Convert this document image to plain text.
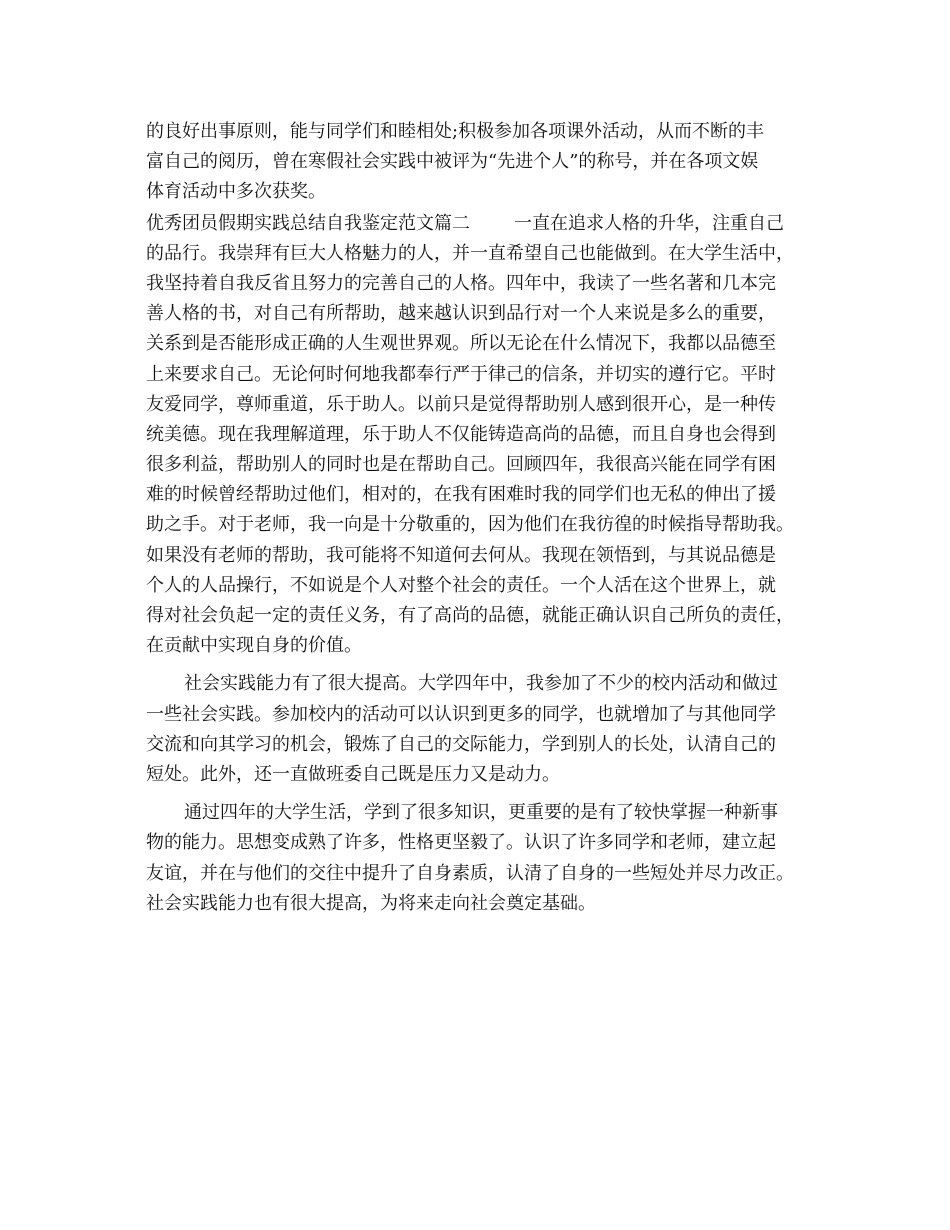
的良好出事原则，能与同学们和睦相处;积极参加各项课外活动，从而不断的丰
富自己的阅历，曾在寒假社会实践中被评为“先进个人”的称号，并在各项文娱
体育活动中多次获奖。
优秀团员假期实践总结自我鉴定范文篇二 一直在追求人格的升华，注重自己
的品行。我崇拜有巨大人格魅力的人，并一直希望自己也能做到。在大学生活中，
我坚持着自我反省且努力的完善自己的人格。四年中，我读了一些名著和几本完
善人格的书，对自己有所帮助，越来越认识到品行对一个人来说是多么的重要，
关系到是否能形成正确的人生观世界观。所以无论在什么情况下，我都以品德至
上来要求自己。无论何时何地我都奉行严于律己的信条，并切实的遵行它。平时
友爱同学，尊师重道，乐于助人。以前只是觉得帮助别人感到很开心，是一种传
统美德。现在我理解道理，乐于助人不仅能铸造高尚的品德，而且自身也会得到
很多利益，帮助别人的同时也是在帮助自己。回顾四年，我很高兴能在同学有困
难的时候曾经帮助过他们，相对的，在我有困难时我的同学们也无私的伸出了援
助之手。对于老师，我一向是十分敬重的，因为他们在我彷徨的时候指导帮助我。
如果没有老师的帮助，我可能将不知道何去何从。我现在领悟到，与其说品德是
个人的人品操行，不如说是个人对整个社会的责任。一个人活在这个世界上，就
得对社会负起一定的责任义务，有了高尚的品德，就能正确认识自己所负的责任，
在贡献中实现自身的价值。
社会实践能力有了很大提高。大学四年中，我参加了不少的校内活动和做过
一些社会实践。参加校内的活动可以认识到更多的同学，也就增加了与其他同学
交流和向其学习的机会，锻炼了自己的交际能力，学到别人的长处，认清自己的
短处。此外，还一直做班委自己既是压力又是动力。
通过四年的大学生活，学到了很多知识，更重要的是有了较快掌握一种新事
物的能力。思想变成熟了许多，性格更坚毅了。认识了许多同学和老师，建立起
友谊，并在与他们的交往中提升了自身素质，认清了自身的一些短处并尽力改正。
社会实践能力也有很大提高，为将来走向社会奠定基础。
